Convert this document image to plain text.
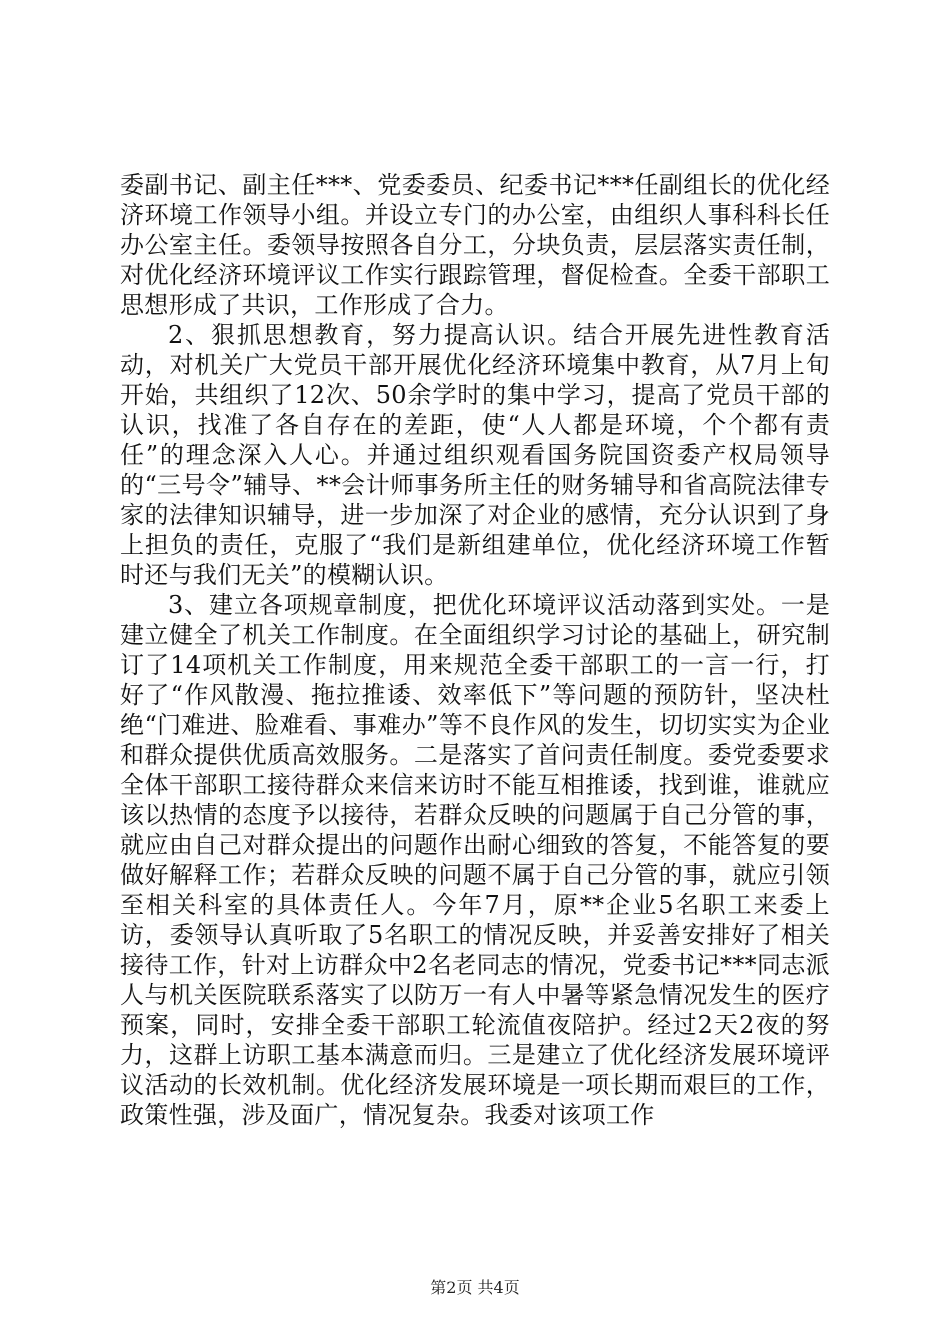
委副书记、副主任***、党委委员、纪委书记***任副组长的优化经济环境工作领导小组。并设立专门的办公室，由组织人事科科长任办公室主任。委领导按照各自分工，分块负责，层层落实责任制，对优化经济环境评议工作实行跟踪管理，督促检查。全委干部职工思想形成了共识，工作形成了合力。

2、狠抓思想教育，努力提高认识。结合开展先进性教育活动，对机关广大党员干部开展优化经济环境集中教育，从7月上旬开始，共组织了12次、50余学时的集中学习，提高了党员干部的认识，找准了各自存在的差距，使“人人都是环境，个个都有责任”的理念深入人心。并通过组织观看国务院国资委产权局领导的“三号令”辅导、**会计师事务所主任的财务辅导和省高院法律专家的法律知识辅导，进一步加深了对企业的感情，充分认识到了身上担负的责任，克服了“我们是新组建单位，优化经济环境工作暂时还与我们无关”的模糊认识。

3、建立各项规章制度，把优化环境评议活动落到实处。一是建立健全了机关工作制度。在全面组织学习讨论的基础上，研究制订了14项机关工作制度，用来规范全委干部职工的一言一行，打好了“作风散漫、拖拉推诿、效率低下”等问题的预防针，坚决杜绝“门难进、脸难看、事难办”等不良作风的发生，切切实实为企业和群众提供优质高效服务。二是落实了首问责任制度。委党委要求全体干部职工接待群众来信来访时不能互相推诿，找到谁，谁就应该以热情的态度予以接待，若群众反映的问题属于自己分管的事，就应由自己对群众提出的问题作出耐心细致的答复，不能答复的要做好解释工作；若群众反映的问题不属于自己分管的事，就应引领至相关科室的具体责任人。今年7月，原**企业5名职工来委上访，委领导认真听取了5名职工的情况反映，并妥善安排好了相关接待工作，针对上访群众中2名老同志的情况，党委书记***同志派人与机关医院联系落实了以防万一有人中暑等紧急情况发生的医疗预案，同时，安排全委干部职工轮流值夜陪护。经过2天2夜的努力，这群上访职工基本满意而归。三是建立了优化经济发展环境评议活动的长效机制。优化经济发展环境是一项长期而艰巨的工作，政策性强，涉及面广，情况复杂。我委对该项工作

第2页 共4页
